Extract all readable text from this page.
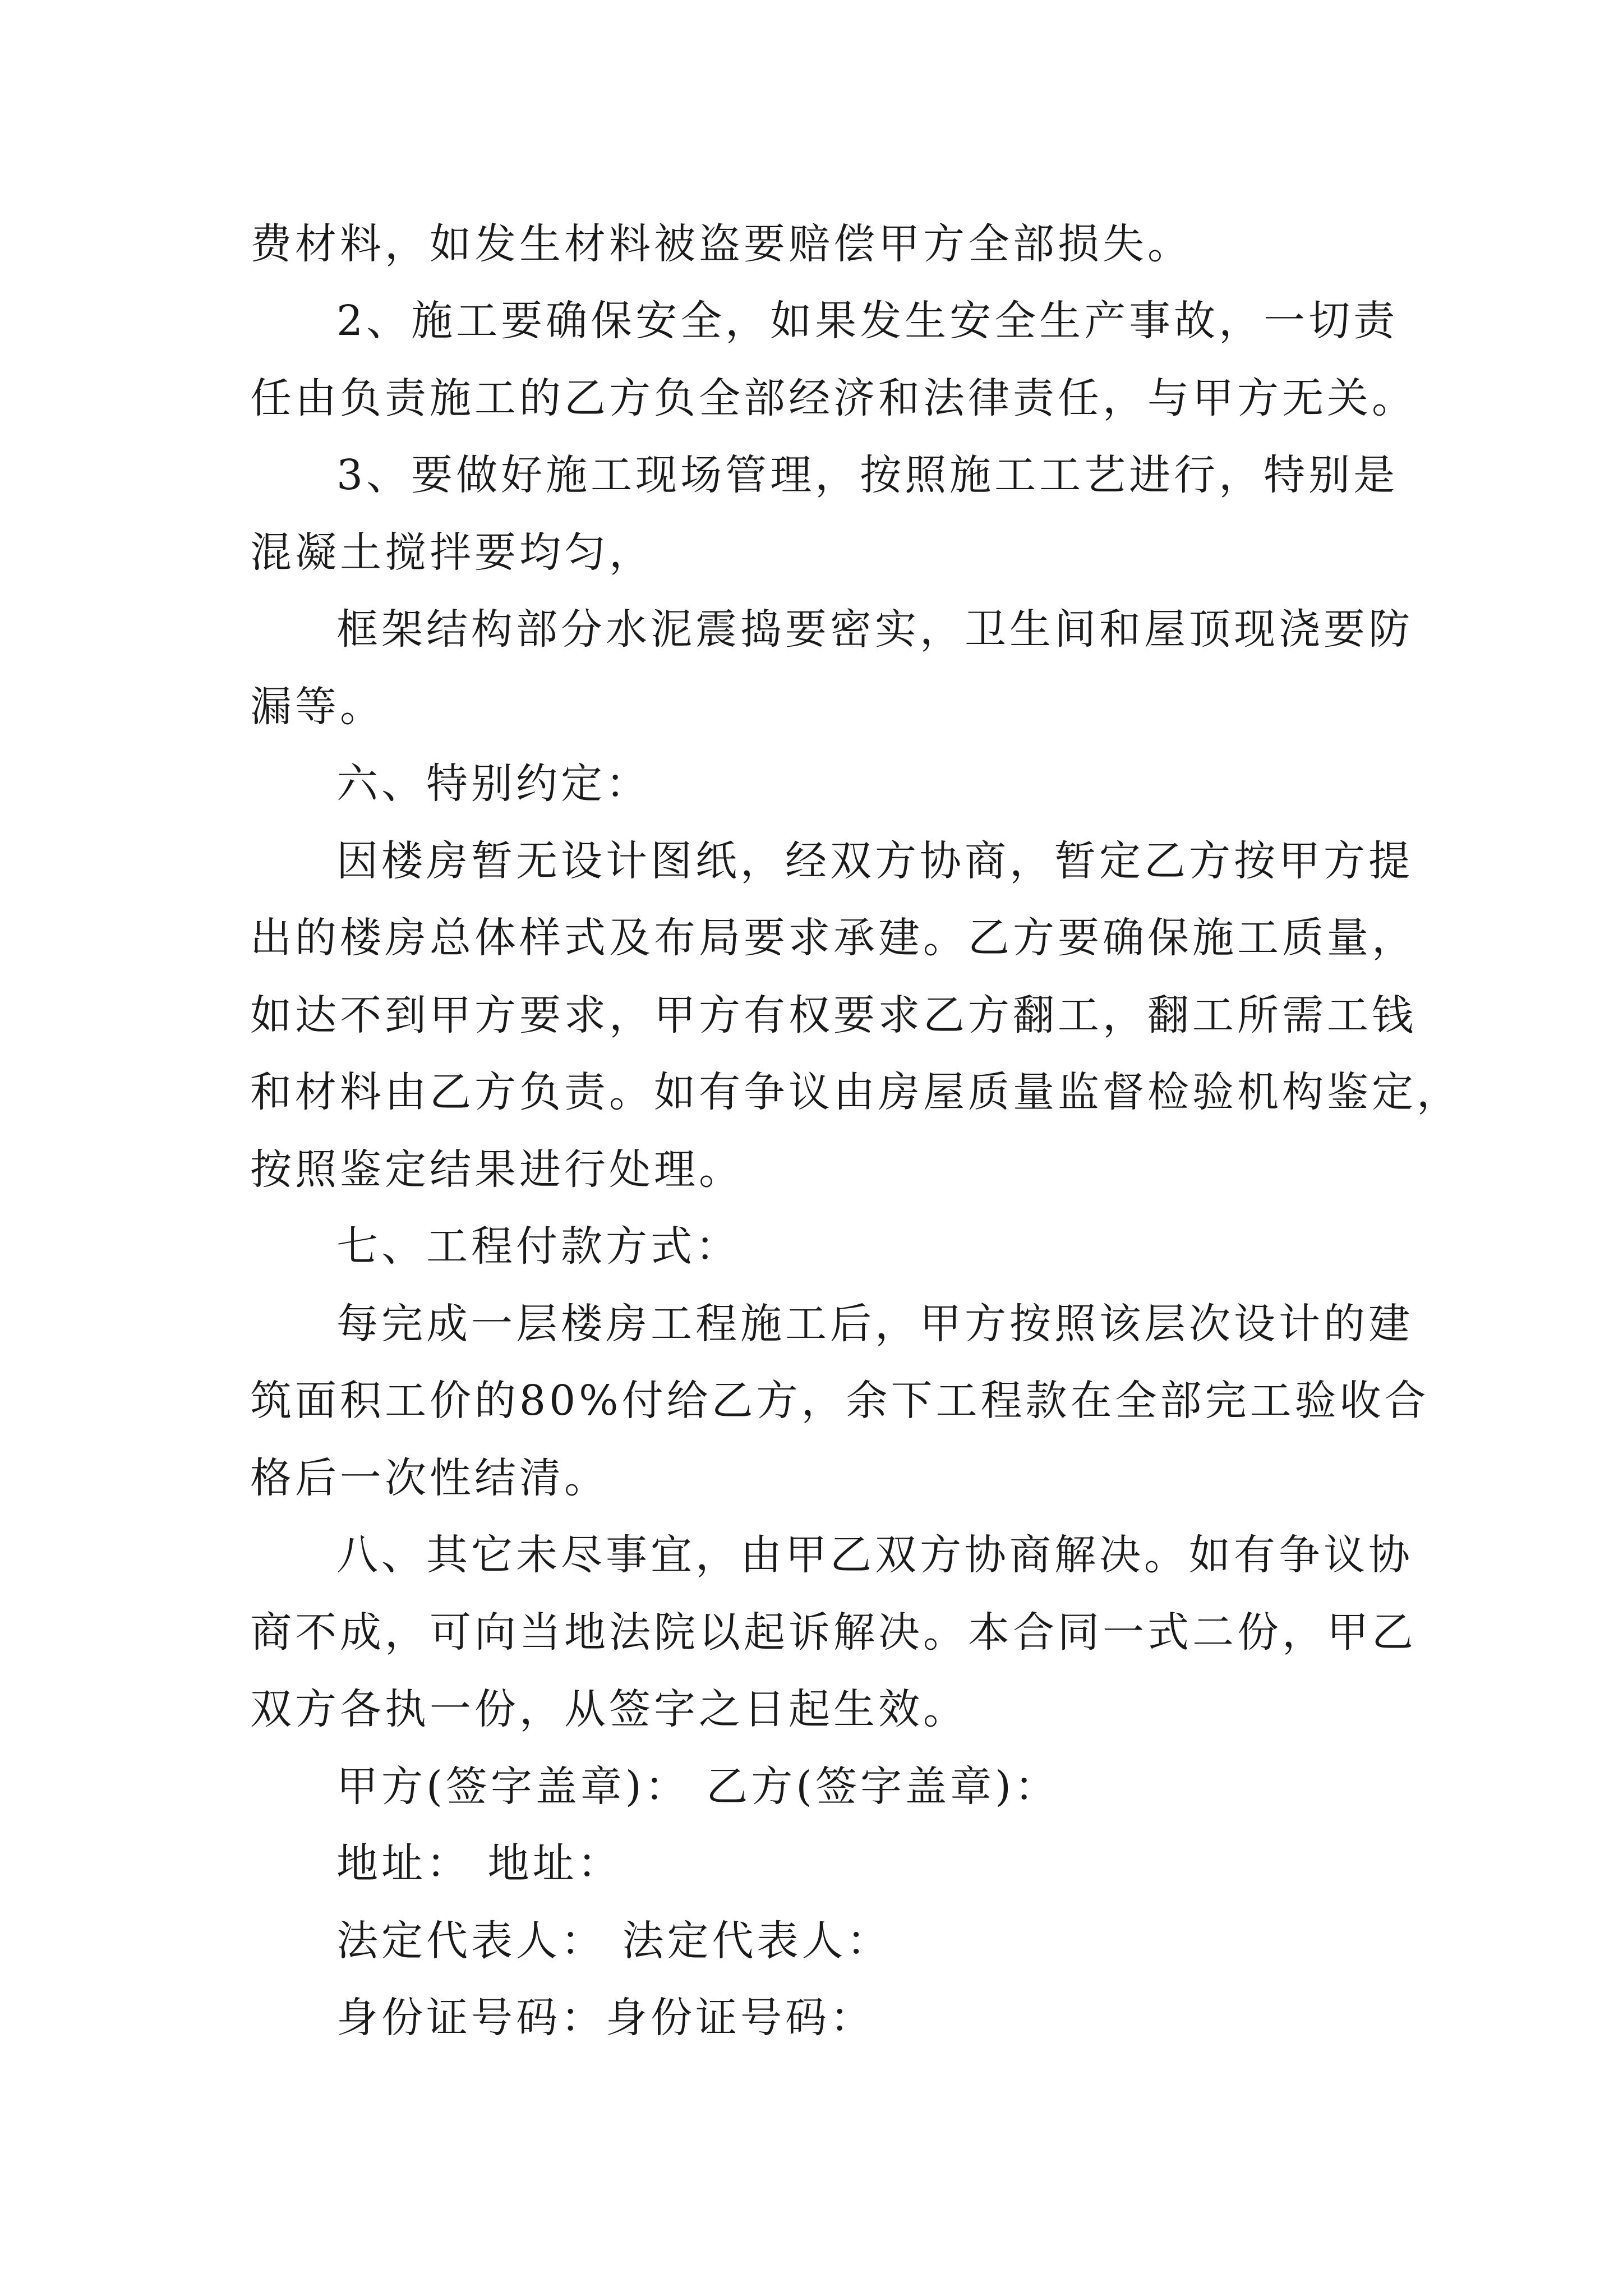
费材料，如发生材料被盗要赔偿甲方全部损失。
2、施工要确保安全，如果发生安全生产事故，一切责
任由负责施工的乙方负全部经济和法律责任，与甲方无关。
3、要做好施工现场管理，按照施工工艺进行，特别是
混凝土搅拌要均匀，
框架结构部分水泥震捣要密实，卫生间和屋顶现浇要防
漏等。
六、特别约定：
因楼房暂无设计图纸，经双方协商，暂定乙方按甲方提
出的楼房总体样式及布局要求承建。乙方要确保施工质量，
如达不到甲方要求，甲方有权要求乙方翻工，翻工所需工钱
和材料由乙方负责。如有争议由房屋质量监督检验机构鉴定，
按照鉴定结果进行处理。
七、工程付款方式：
每完成一层楼房工程施工后，甲方按照该层次设计的建
筑面积工价的80%付给乙方，余下工程款在全部完工验收合
格后一次性结清。
八、其它未尽事宜，由甲乙双方协商解决。如有争议协
商不成，可向当地法院以起诉解决。本合同一式二份，甲乙
双方各执一份，从签字之日起生效。
甲方(签字盖章)： 乙方(签字盖章)：
地址： 地址：
法定代表人： 法定代表人：
身份证号码：身份证号码：
